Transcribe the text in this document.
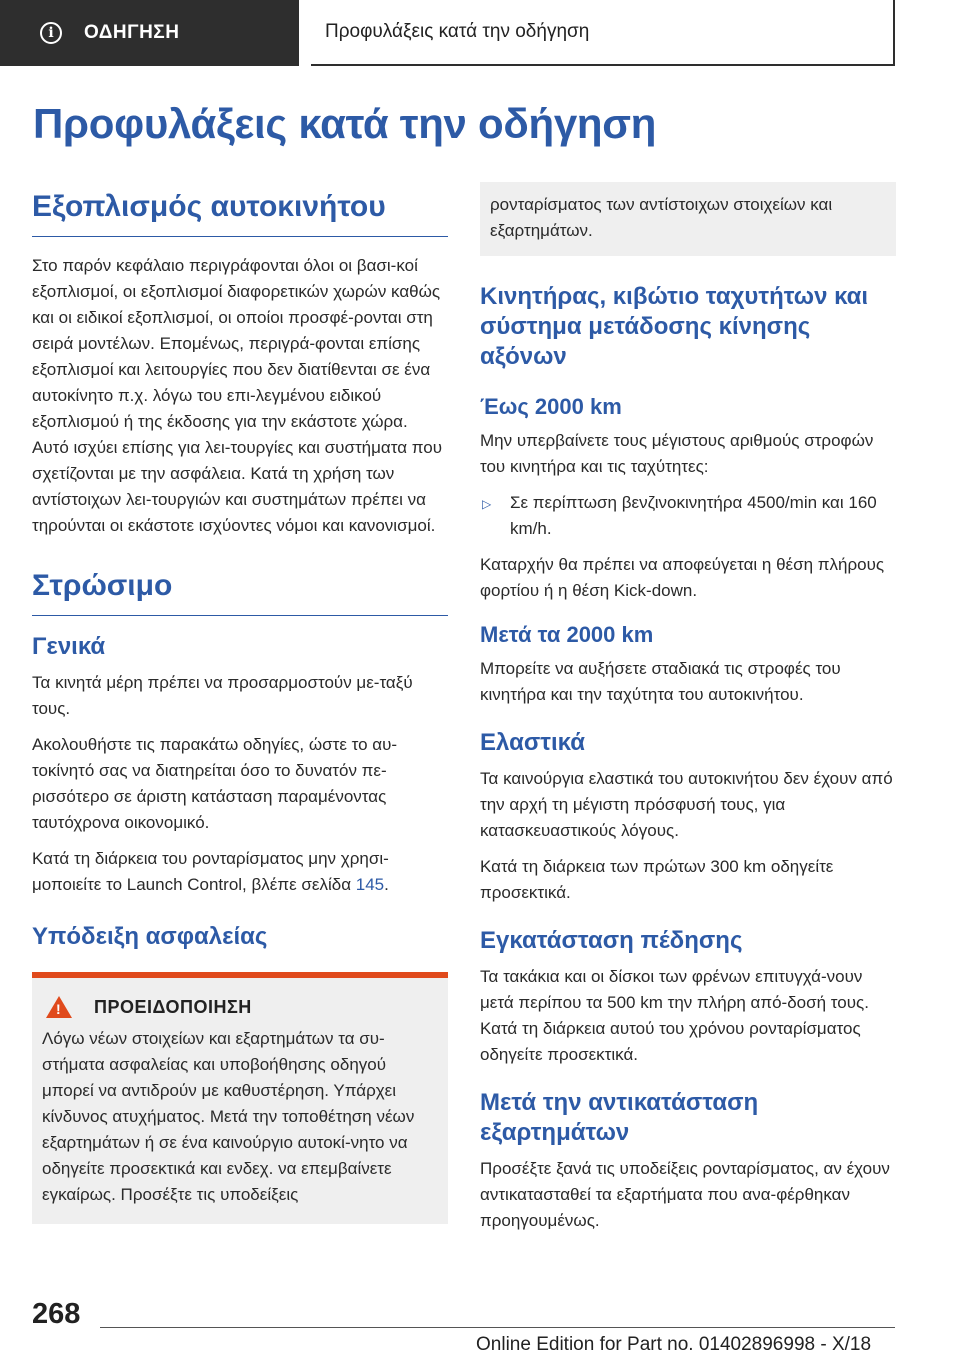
i	ΟΔΗΓΗΣΗ	Προφυλάξεις κατά την οδήγηση
Προφυλάξεις κατά την οδήγηση
Εξοπλισμός αυτοκινήτου

Στο παρόν κεφάλαιο περιγράφονται όλοι οι βασι‐κοί εξοπλισμοί, οι εξοπλισμοί διαφορετικών χωρών καθώς και οι ειδικοί εξοπλισμοί, οι οποίοι προσφέ‐ρονται στη σειρά μοντέλων. Επομένως, περιγρά‐φονται επίσης εξοπλισμοί και λειτουργίες που δεν διατίθενται σε ένα αυτοκίνητο π.χ. λόγω του επι‐λεγμένου ειδικού εξοπλισμού ή της έκδοσης για την εκάστοτε χώρα. Αυτό ισχύει επίσης για λει‐τουργίες και συστήματα που σχετίζονται με την ασφάλεια. Κατά τη χρήση των αντίστοιχων λει‐τουργιών και συστημάτων πρέπει να τηρούνται οι εκάστοτε ισχύοντες νόμοι και κανονισμοί.

Στρώσιμο
Γενικά

Τα κινητά μέρη πρέπει να προσαρμοστούν με‐ταξύ τους.

Ακολουθήστε τις παρακάτω οδηγίες, ώστε το αυ‐τοκίνητό σας να διατηρείται όσο το δυνατόν πε‐ρισσότερο σε άριστη κατάσταση παραμένοντας ταυτόχρονα οικονομικό.

Κατά τη διάρκεια του ρονταρίσματος μην χρησι‐μοποιείτε το Launch Control, βλέπε σελίδα 145.

Υπόδειξη ασφαλείας
! ΠΡΟΕΙΔΟΠΟΙΗΣΗ

Λόγω νέων στοιχείων και εξαρτημάτων τα συ‐στήματα ασφαλείας και υποβοήθησης οδηγού μπορεί να αντιδρούν με καθυστέρηση. Υπάρχει κίνδυνος ατυχήματος. Μετά την τοποθέτηση νέων εξαρτημάτων ή σε ένα καινούργιο αυτοκί‐νητο να οδηγείτε προσεκτικά και ενδεχ. να επεμβαίνετε εγκαίρως. Προσέξτε τις υποδείξεις

ρονταρίσματος των αντίστοιχων στοιχείων και εξαρτημάτων.

Κινητήρας, κιβώτιο ταχυτήτων και σύστημα μετάδοσης κίνησης αξόνων
Έως 2000 km

Μην υπερβαίνετε τους μέγιστους αριθμούς στροφών του κινητήρα και τις ταχύτητες:

▷	Σε περίπτωση βενζινοκινητήρα 4500/min και 160 km/h.

Καταρχήν θα πρέπει να αποφεύγεται η θέση πλήρους φορτίου ή η θέση Kick-down.

Μετά τα 2000 km

Μπορείτε να αυξήσετε σταδιακά τις στροφές του κινητήρα και την ταχύτητα του αυτοκινήτου.

Ελαστικά

Τα καινούργια ελαστικά του αυτοκινήτου δεν έχουν από την αρχή τη μέγιστη πρόσφυσή τους, για κατασκευαστικούς λόγους.

Κατά τη διάρκεια των πρώτων 300 km οδηγείτε προσεκτικά.

Εγκατάσταση πέδησης

Τα τακάκια και οι δίσκοι των φρένων επιτυγχά‐νουν μετά περίπου τα 500 km την πλήρη από‐δοσή τους. Κατά τη διάρκεια αυτού του χρόνου ρονταρίσματος οδηγείτε προσεκτικά.

Μετά την αντικατάσταση εξαρτημάτων

Προσέξτε ξανά τις υποδείξεις ρονταρίσματος, αν έχουν αντικατασταθεί τα εξαρτήματα που ανα‐φέρθηκαν προηγουμένως.

268
Online Edition for Part no. 01402896998 - X/18
